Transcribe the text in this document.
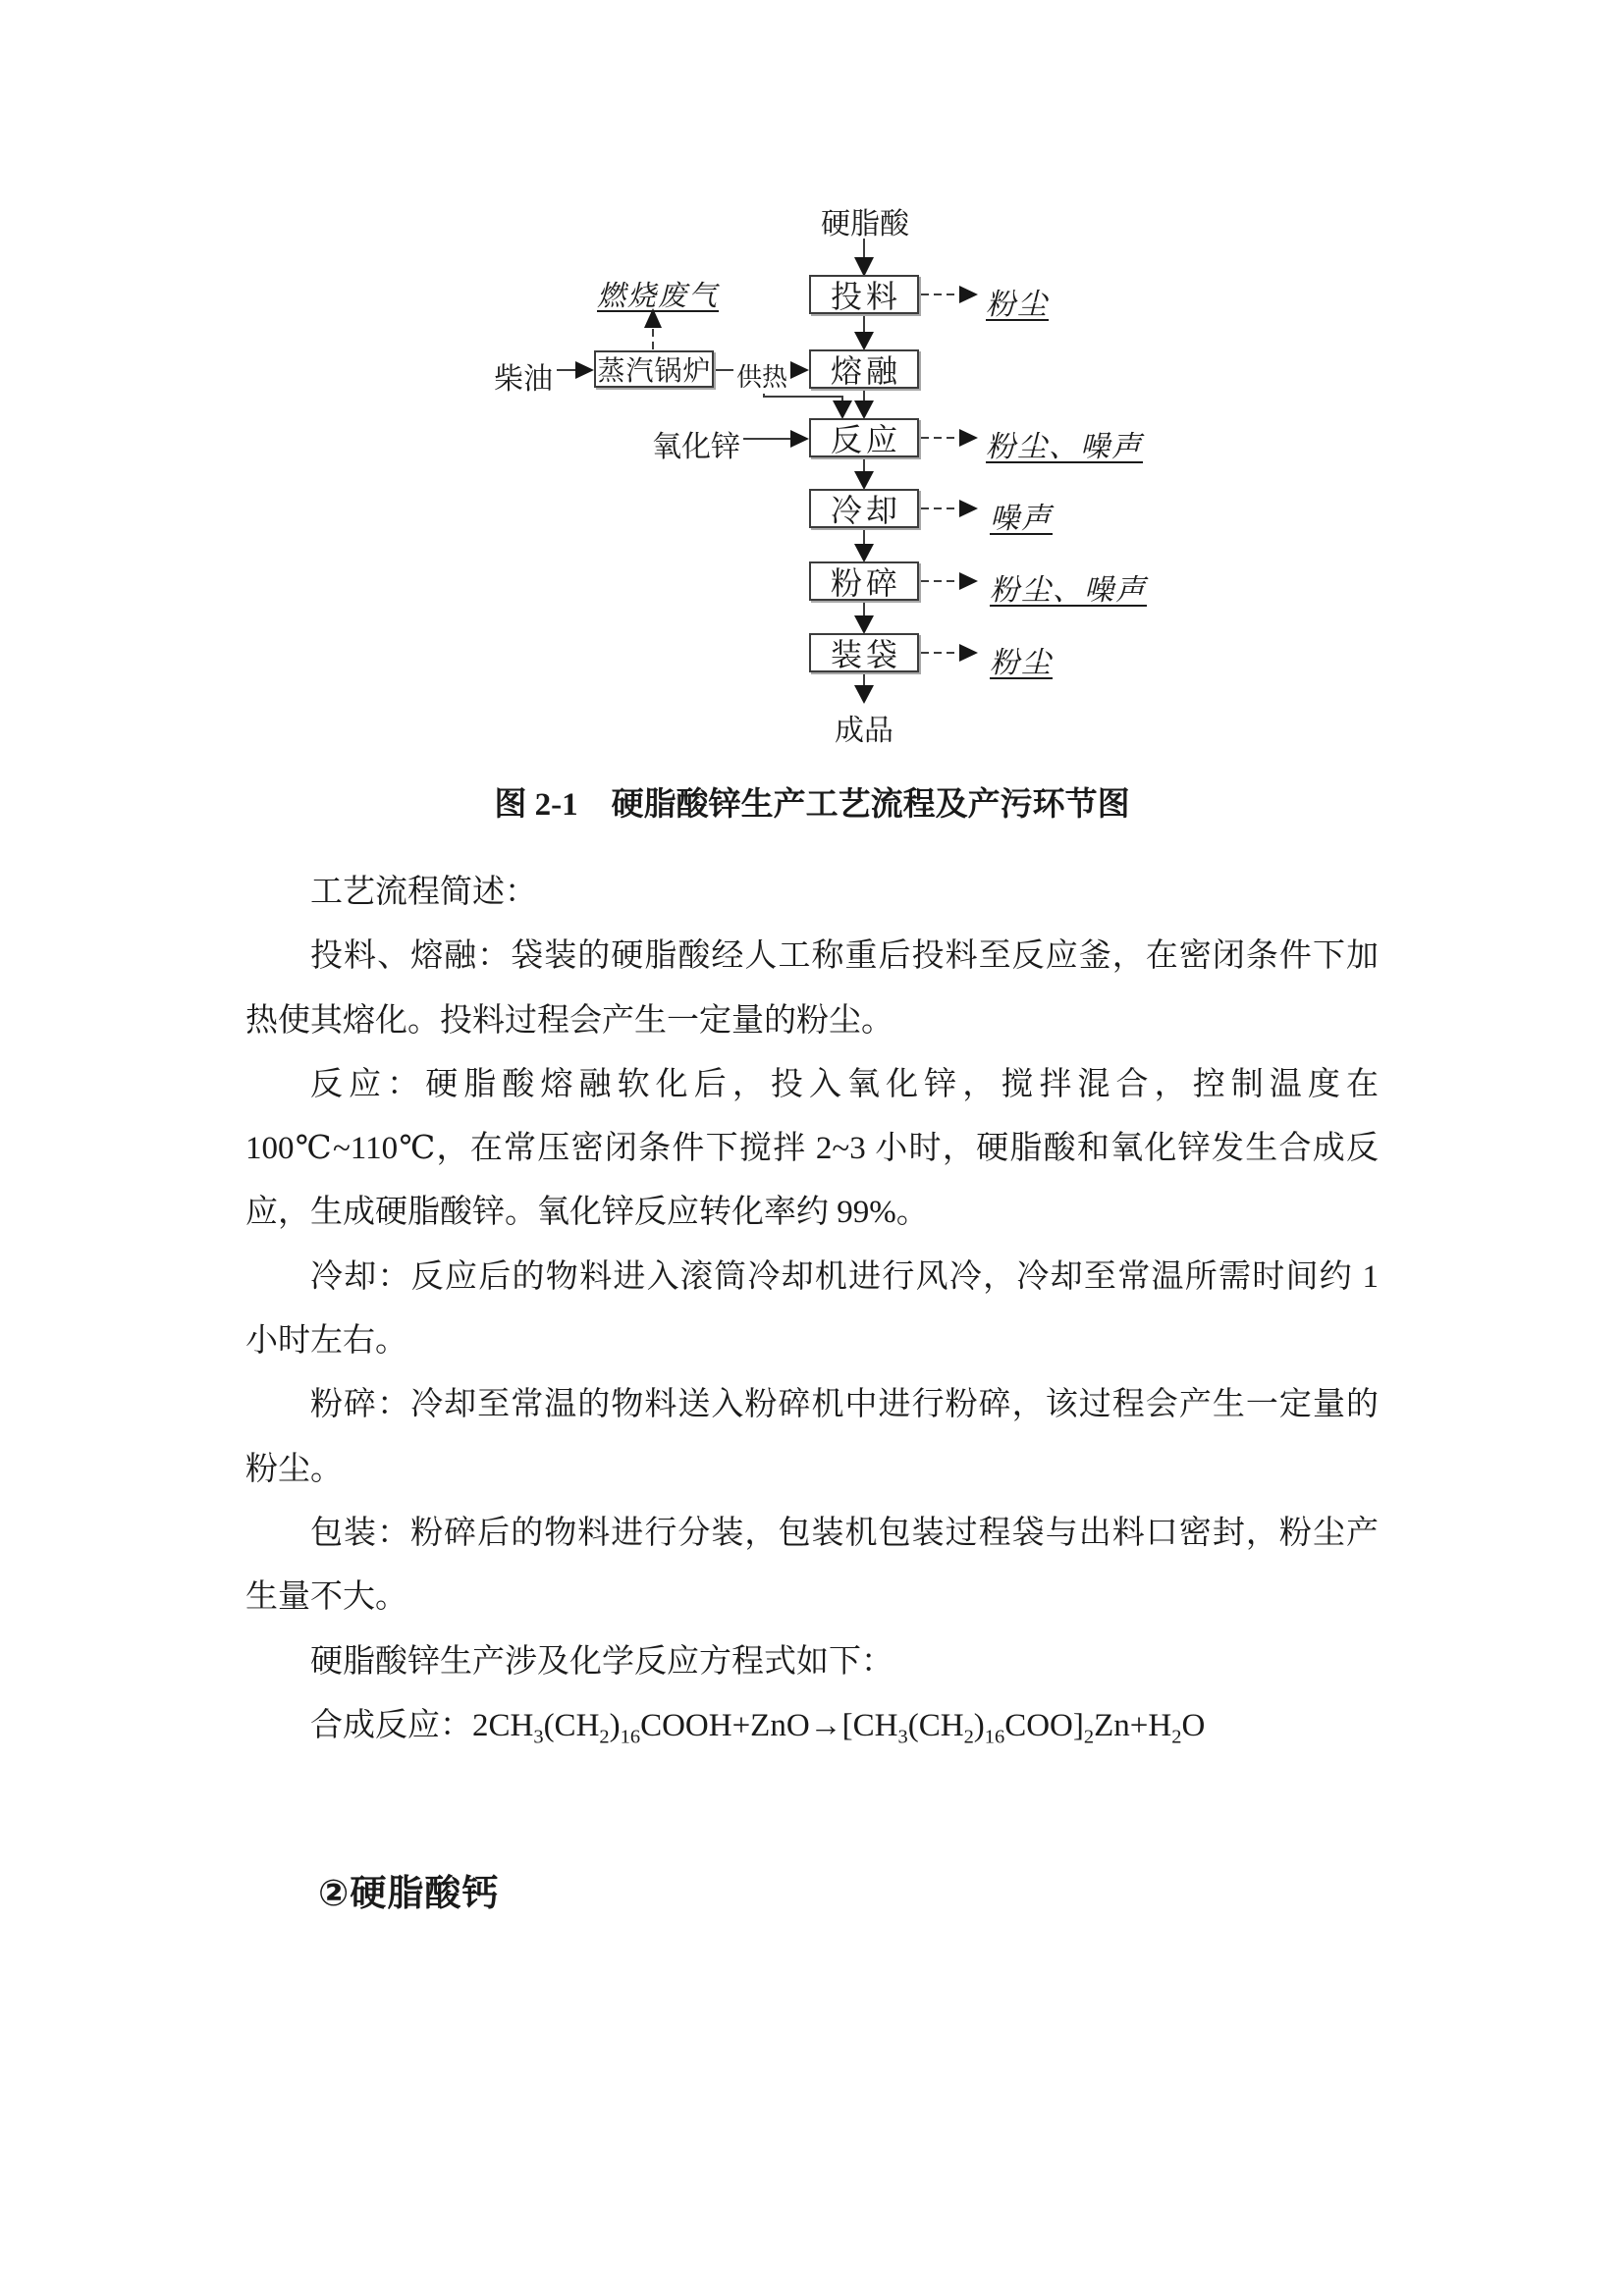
硬脂酸
燃烧废气
柴油	供热
氧化锌
成品
蒸汽锅炉
投料
熔融
反应
冷却
粉碎
装袋
粉尘
粉尘、噪声
噪声
粉尘、噪声
粉尘
图 2-1 硬脂酸锌生产工艺流程及产污环节图

工艺流程简述：

投料、熔融：袋装的硬脂酸经人工称重后投料至反应釜，在密闭条件下加热使其熔化。投料过程会产生一定量的粉尘。

反应：硬脂酸熔融软化后，投入氧化锌，搅拌混合，控制温度在 100℃~110℃，在常压密闭条件下搅拌 2~3 小时，硬脂酸和氧化锌发生合成反应，生成硬脂酸锌。氧化锌反应转化率约 99%。

冷却：反应后的物料进入滚筒冷却机进行风冷，冷却至常温所需时间约 1 小时左右。

粉碎：冷却至常温的物料送入粉碎机中进行粉碎，该过程会产生一定量的粉尘。

包装：粉碎后的物料进行分装，包装机包装过程袋与出料口密封，粉尘产生量不大。

硬脂酸锌生产涉及化学反应方程式如下：

合成反应：$2CH_3(CH_2)_{16}COOH+ZnO\to[CH_3(CH_2)_{16}COO]_2Zn+H_2O$

②硬脂酸钙
